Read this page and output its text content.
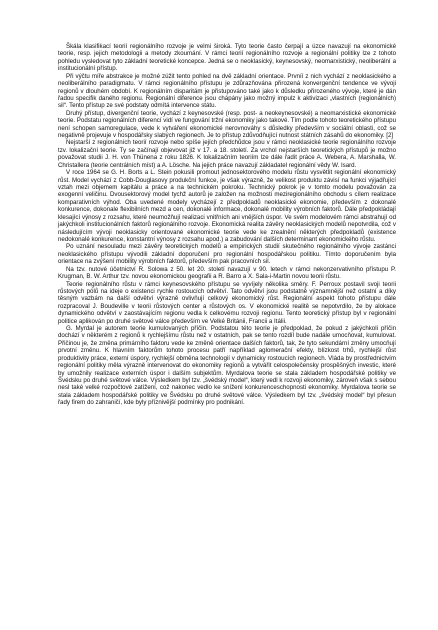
Škála klasifikací teorií regionálního rozvoje je velmi široká. Tyto teorie často čerpají a úzce navazují na ekonomické teorie, resp. jejich metodologii a metody zkoumání. V rámci teorií regionálního rozvoje a regionální politiky lze z tohoto pohledu vysledovat tyto základní teoretické koncepce. Jedná se o neoklasický, keynesovský, neomarxistický, neoliberální a institucionální přístup.

Při výčtu míře abstrakce je možné zúžit tento pohled na dvě základní orientace. Prvníí z nich vychází z neoklasického a neoliberálního paradigmatu. V rámci regionálního přístupu je zdůrazňována přirozená konvergenční tendence ve vývoji regionů v dlouhém období. K regionálním disparitám je přistupováno také jako k důsledku přirozeného vývoje, které je dán řadou specifik daného regionu. Regionální diference jsou chápány jako možný impulz k aktivizaci „vlastních (regionálních) sil“. Tento přístup ze své podstaty odmítá intervence státu.

Druhý přístup, divergenční teorie, vychází z keynesovské (resp. post- a neokeynesovské) a neomarxistické ekonomické teorie. Podstatu regionálních diferencí vidí ve fungování tržní ekonomiky jako takové. Tím podle tohoto teoretického přístupu není schopen samoregulace, vede k vytváření ekonomické nerovnováhy s důsledky především v sociální oblasti, což se negativně projevuje v hospodářsky slabých regionech. Je to přístup zdůvodňující nutnost státních zásahů do ekonomiky. [2]

Nejstarší z regionálních teorií rozvoje nebo spíše jejích předchůdce jsou v rámci neoklasické teorie regionálního rozvoje tzv. lokalizační teorie. Ty se začínají objevovat již v 17. a 18. století. Za vrchol nejstarších teoretických přístupů je možno považovat studii J. H. von Thünena z roku 1826. K lokalizačním teoriím lze dále řadit práce A. Webera, A. Marshalla, W. Christallera (teorie centrálních míst) a A. Lösche. Na jejich práce navazují základatel regionální vědy W. Isard.

V roce 1964 se G. H. Borts a L. Stein pokusili promout jednosektorového modelu růstu vysvětlit regionální ekonomický růst. Model vychází z Cobb-Douglasovy produkční funkce, je však výrazně, že velikost produktu závisí na funkci výjadřující vztah mezi objemem kapitálu a práce a na technickém pokroku. Technický pokrok je v tomto modelu považován za exogenní veličinu. Dvousektorový model tychž autorů je založen na možnosti meziregionálního obchodu s cílem realizace komparativních výhod. Oba uvedené modely vycházejí z předpokladů neoklasické ekonomie, především z dokonalé konkurence, dokonale flexibilních mezd a cen, dokonalé informace, dokonalé mobility výrobních faktorů. Dále předpokládají klesající výnosy z rozsahu, které neumožňují realizaci vnitřních ani vnějších úspor. Ve svém modelovém rámci abstrahují od jakýchkoli institucionálních faktorů regionálního rozvoje. Ekonomická realita závěry neoklasických modelů nepotvrdila, což v následujícím vývoji neoklasicky orientované ekonomické teorie vede ke zrealnění některých předpokladů (existence nedokonalé konkurence, konstantní výnosy z rozsahu apod.) a zabudování dalších determinant ekonomického růstu.

Po uznání nesouladu mezi závěry teoretických modelů a empirických studií skutečného regionálního vývoje zastánci neoklasického přístupu vývodili základní doporučení pro regionální hospodářskou politiku. Tímto doporučením byla orientace na zvýšení mobility výrobních faktorů, především pak pracovních sil.

Na tzv. nutové účetnictví R. Solowa z 50. let 20. století navazují v 90. letech v rámci nekonzervativního přístupu P. Krugman, B. W. Arthur tzv. novou ekonomickou geografii a R. Barro a X. Sala-i-Martin novou teorii růstu.

Teorie regionálního růstu v rámci keynesovského přístupu se vyvíjely několika směry. F. Perroux postavil svoji teorii růstových pólů na ideje o existenci rychle rostoucích odvětví. Tato odvětví jsou podstatně významnější než ostatní a díky těsným vazbám na další odvětví výrazně ovlivňují celkový ekonomický růst. Regionální aspekt tohoto přístupu dále rozpracoval J. Boudeville v teorii růstových center a růstových os. V ekonomické realitě se nepotvrdilo, že by alokace dynamického odvětví v zaostávajícím regionu vedla k celkovému rozvoji regionu. Tento teoretický přístup byl v regionální politice aplikován po druhé světové válce především ve Velké Británii, Francii a Itálii.

G. Myrdal je autorem teorie kumulovaných příčin. Podstatou této teorie je předpoklad, že pokud z jakýchkoli příčin dochází v některém z regionů k rychlejšímu růstu než v ostatních, pak se tento rozdíl bude nadále umocňovat, kumulovat. Přičinou je, že změna primárního faktoru vede ke změně orientace dalších faktorů, tak, že tyto sekundární změny umocňují prvotní změnu. K hlavním faktorům tohoto procesu patří například aglomerační efekty, blízkost trhů, rychlejší růst produktivity práce, externí úspory, rychlejší obměna technologií v dynamicky rostoucích regionech. Vláda by prostřednictvím regionální politiky měla výrazně intervenovat do ekonomiky regionů a vytvářit celospolečensky prospěšných investic, které by umožnily realizace externích úspor i dalším subjektům. Myrdalova teorie se stala základem hospodářské politiky ve Švédsku po druhé světové válce. Výsledkem byl tzv. „švédský model“, který vedl k rozvoji ekonomiky, zároveň však s sebou nesl také velké rozpočtové zatížení, což nakonec vedlo ke snížení konkurenceschopnosti ekonomiky. Myrdalova teorie se stala základem hospodářské politiky ve Švédsku po druhé světové válce. Výsledkem byl tzv. „švédský model“ byl přesun řady firem do zahraničí, kde byly příznivější podmínky pro podnikání.
